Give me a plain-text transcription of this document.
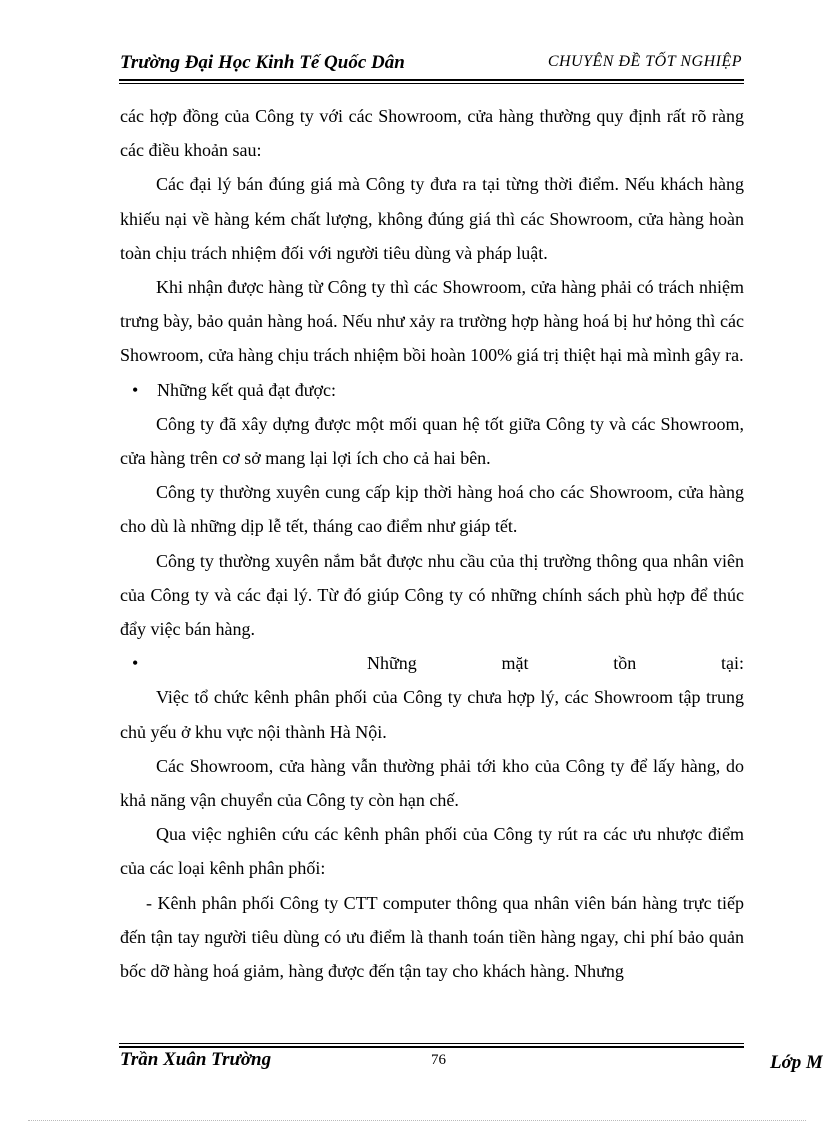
Trường Đại Học Kinh Tế Quốc Dân	CHUYÊN ĐỀ TỐT NGHIỆP

các hợp đồng của Công ty với các Showroom, cửa hàng thường quy định rất rõ ràng các điều khoản sau:

Các đại lý bán đúng giá mà Công ty đưa ra tại từng thời điểm. Nếu khách hàng khiếu nại về hàng kém chất lượng, không đúng giá thì các Showroom, cửa hàng hoàn toàn chịu trách nhiệm đối với người tiêu dùng và pháp luật.

Khi nhận được hàng từ Công ty thì các Showroom, cửa hàng phải có trách nhiệm trưng bày, bảo quản hàng hoá. Nếu như xảy ra trường hợp hàng hoá bị hư hỏng thì các Showroom, cửa hàng chịu trách nhiệm bồi hoàn 100% giá trị thiệt hại mà mình gây ra.

•	Những kết quả đạt được:

Công ty đã xây dựng được một mối quan hệ tốt giữa Công ty và các Showroom, cửa hàng trên cơ sở mang lại lợi ích cho cả hai bên.

Công ty thường xuyên cung cấp kịp thời hàng hoá cho các Showroom, cửa hàng cho dù là những dịp lễ tết, tháng cao điểm như giáp tết.

Công ty thường xuyên nắm bắt được nhu cầu của thị trường thông qua nhân viên của Công ty và các đại lý. Từ đó giúp Công ty có những chính sách phù hợp để thúc đẩy việc bán hàng.

•	Những mặt tồn tại:

Việc tổ chức kênh phân phối của Công ty chưa hợp lý, các Showroom tập trung chủ yếu ở khu vực nội thành Hà Nội.

Các Showroom, cửa hàng vẫn thường phải tới kho của Công ty để lấy hàng, do khả năng vận chuyển của Công ty còn hạn chế.

Qua việc nghiên cứu các kênh phân phối của Công ty rút ra các ưu nhược điểm của các loại kênh phân phối:

- Kênh phân phối Công ty CTT computer thông qua nhân viên bán hàng trực tiếp đến tận tay người tiêu dùng có ưu điểm là thanh toán tiền hàng ngay, chi phí bảo quản bốc dỡ hàng hoá giảm, hàng được đến tận tay cho khách hàng. Nhưng

Trần Xuân Trường	76	Lớp M
